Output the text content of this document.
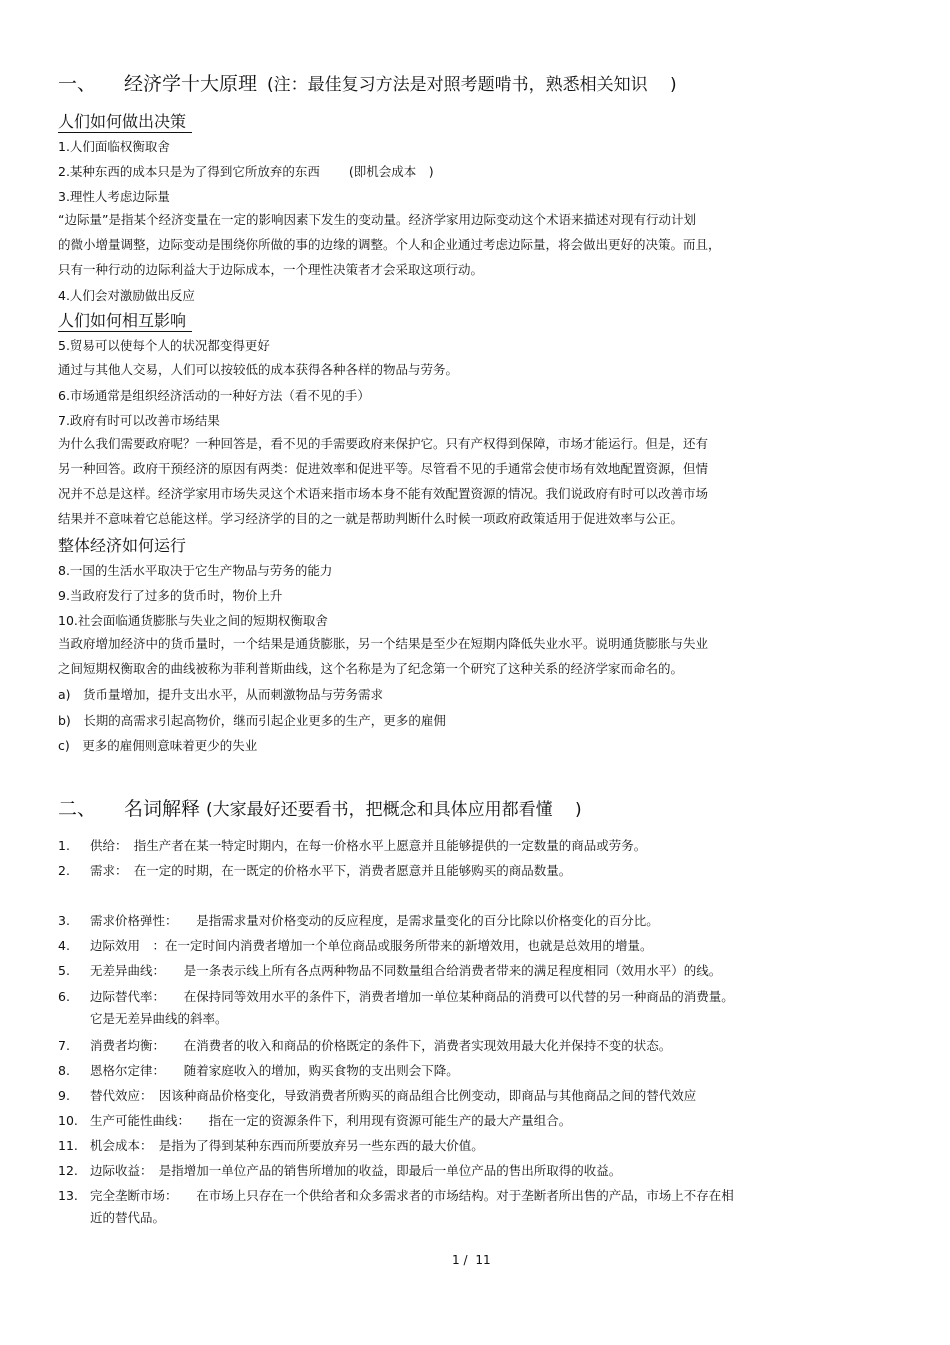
一、 经济学十大原理 (注：最佳复习方法是对照考题啃书，熟悉相关知识　 )
人们如何做出决策
1.人们面临权衡取舍
2.某种东西的成本只是为了得到它所放弃的东西　　 (即机会成本　)
3.理性人考虑边际量
“边际量”是指某个经济变量在一定的影响因素下发生的变动量。经济学家用边际变动这个术语来描述对现有行动计划
的微小增量调整，边际变动是围绕你所做的事的边缘的调整。个人和企业通过考虑边际量，将会做出更好的决策。而且，
只有一种行动的边际利益大于边际成本，一个理性决策者才会采取这项行动。
4.人们会对激励做出反应
人们如何相互影响
5.贸易可以使每个人的状况都变得更好
通过与其他人交易，人们可以按较低的成本获得各种各样的物品与劳务。
6.市场通常是组织经济活动的一种好方法（看不见的手）
7.政府有时可以改善市场结果
为什么我们需要政府呢？一种回答是，看不见的手需要政府来保护它。只有产权得到保障，市场才能运行。但是，还有
另一种回答。政府干预经济的原因有两类：促进效率和促进平等。尽管看不见的手通常会使市场有效地配置资源，但情
况并不总是这样。经济学家用市场失灵这个术语来指市场本身不能有效配置资源的情况。我们说政府有时可以改善市场
结果并不意味着它总能这样。学习经济学的目的之一就是帮助判断什么时候一项政府政策适用于促进效率与公正。
整体经济如何运行
8.一国的生活水平取决于它生产物品与劳务的能力
9.当政府发行了过多的货币时，物价上升
10.社会面临通货膨胀与失业之间的短期权衡取舍
当政府增加经济中的货币量时，一个结果是通货膨胀，另一个结果是至少在短期内降低失业水平。说明通货膨胀与失业
之间短期权衡取舍的曲线被称为菲利普斯曲线，这个名称是为了纪念第一个研究了这种关系的经济学家而命名的。
a)　货币量增加，提升支出水平，从而刺激物品与劳务需求
b)　长期的高需求引起高物价，继而引起企业更多的生产，更多的雇佣
c)　更多的雇佣则意味着更少的失业
二、 名词解释 (大家最好还要看书，把概念和具体应用都看懂　 )
1. 供给：　指生产者在某一特定时期内，在每一价格水平上愿意并且能够提供的一定数量的商品或劳务。
2. 需求：　在一定的时期，在一既定的价格水平下，消费者愿意并且能够购买的商品数量。
3. 需求价格弹性：　　是指需求量对价格变动的反应程度，是需求量变化的百分比除以价格变化的百分比。
4. 边际效用　：在一定时间内消费者增加一个单位商品或服务所带来的新增效用，也就是总效用的增量。
5. 无差异曲线：　　是一条表示线上所有各点两种物品不同数量组合给消费者带来的满足程度相同（效用水平）的线。
6. 边际替代率：　　在保持同等效用水平的条件下，消费者增加一单位某种商品的消费可以代替的另一种商品的消费量。
它是无差异曲线的斜率。
7. 消费者均衡：　　在消费者的收入和商品的价格既定的条件下，消费者实现效用最大化并保持不变的状态。
8. 恩格尔定律：　　随着家庭收入的增加，购买食物的支出则会下降。
9. 替代效应：　因该种商品价格变化，导致消费者所购买的商品组合比例变动，即商品与其他商品之间的替代效应
10. 生产可能性曲线：　　指在一定的资源条件下，利用现有资源可能生产的最大产量组合。
11. 机会成本：　是指为了得到某种东西而所要放弃另一些东西的最大价值。
12. 边际收益：　是指增加一单位产品的销售所增加的收益，即最后一单位产品的售出所取得的收益。
13. 完全垄断市场：　　在市场上只存在一个供给者和众多需求者的市场结构。对于垄断者所出售的产品，市场上不存在相
近的替代品。
1 / 11
